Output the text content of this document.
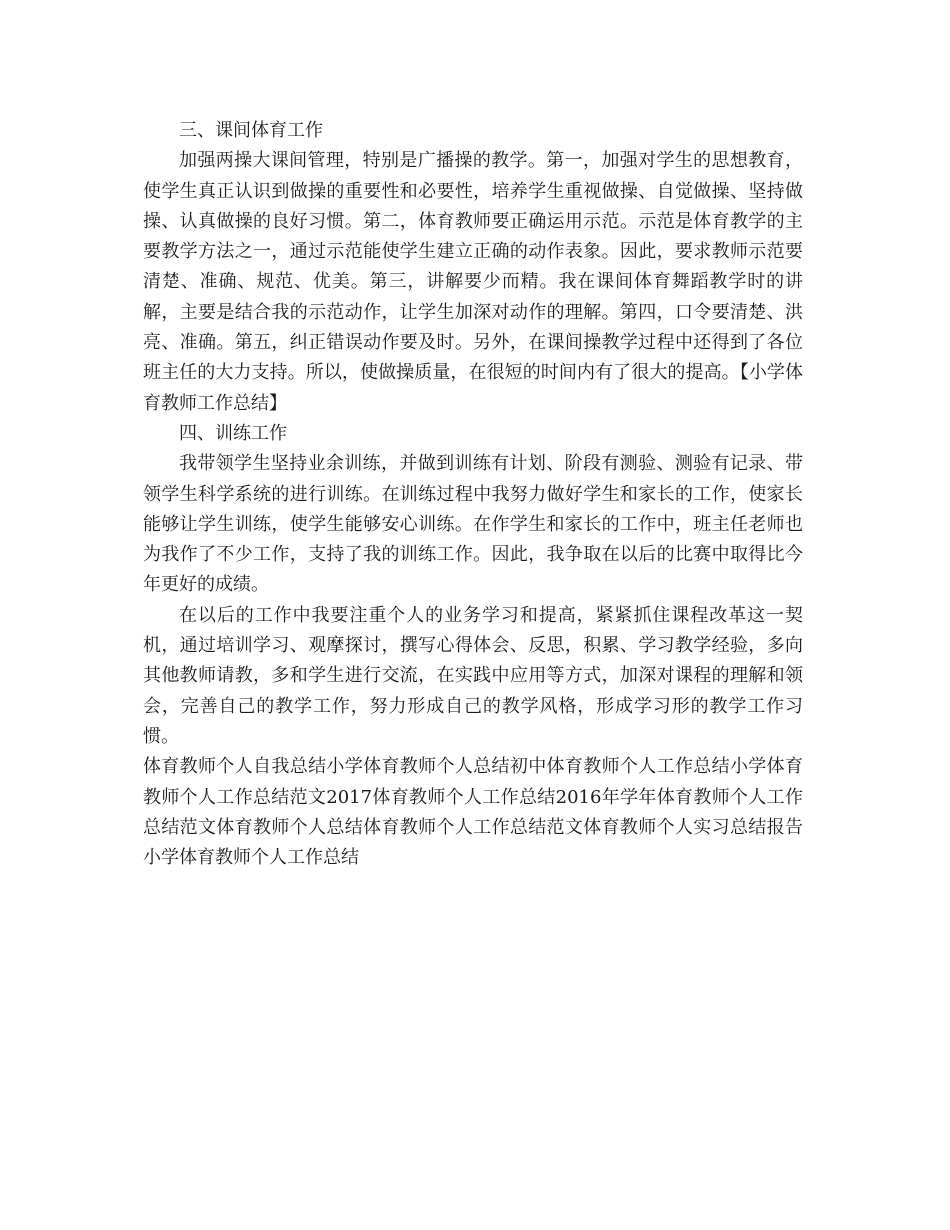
三、课间体育工作

加强两操大课间管理，特别是广播操的教学。第一，加强对学生的思想教育，使学生真正认识到做操的重要性和必要性，培养学生重视做操、自觉做操、坚持做操、认真做操的良好习惯。第二，体育教师要正确运用示范。示范是体育教学的主要教学方法之一，通过示范能使学生建立正确的动作表象。因此，要求教师示范要清楚、准确、规范、优美。第三，讲解要少而精。我在课间体育舞蹈教学时的讲解，主要是结合我的示范动作，让学生加深对动作的理解。第四，口令要清楚、洪亮、准确。第五，纠正错误动作要及时。另外，在课间操教学过程中还得到了各位班主任的大力支持。所以，使做操质量，在很短的时间内有了很大的提高。【小学体育教师工作总结】

四、训练工作

我带领学生坚持业余训练，并做到训练有计划、阶段有测验、测验有记录、带领学生科学系统的进行训练。在训练过程中我努力做好学生和家长的工作，使家长能够让学生训练，使学生能够安心训练。在作学生和家长的工作中，班主任老师也为我作了不少工作，支持了我的训练工作。因此，我争取在以后的比赛中取得比今年更好的成绩。

在以后的工作中我要注重个人的业务学习和提高，紧紧抓住课程改革这一契机，通过培训学习、观摩探讨，撰写心得体会、反思，积累、学习教学经验，多向其他教师请教，多和学生进行交流，在实践中应用等方式，加深对课程的理解和领会，完善自己的教学工作，努力形成自己的教学风格，形成学习形的教学工作习惯。

体育教师个人自我总结小学体育教师个人总结初中体育教师个人工作总结小学体育教师个人工作总结范文2017体育教师个人工作总结2016年学年体育教师个人工作总结范文体育教师个人总结体育教师个人工作总结范文体育教师个人实习总结报告小学体育教师个人工作总结
